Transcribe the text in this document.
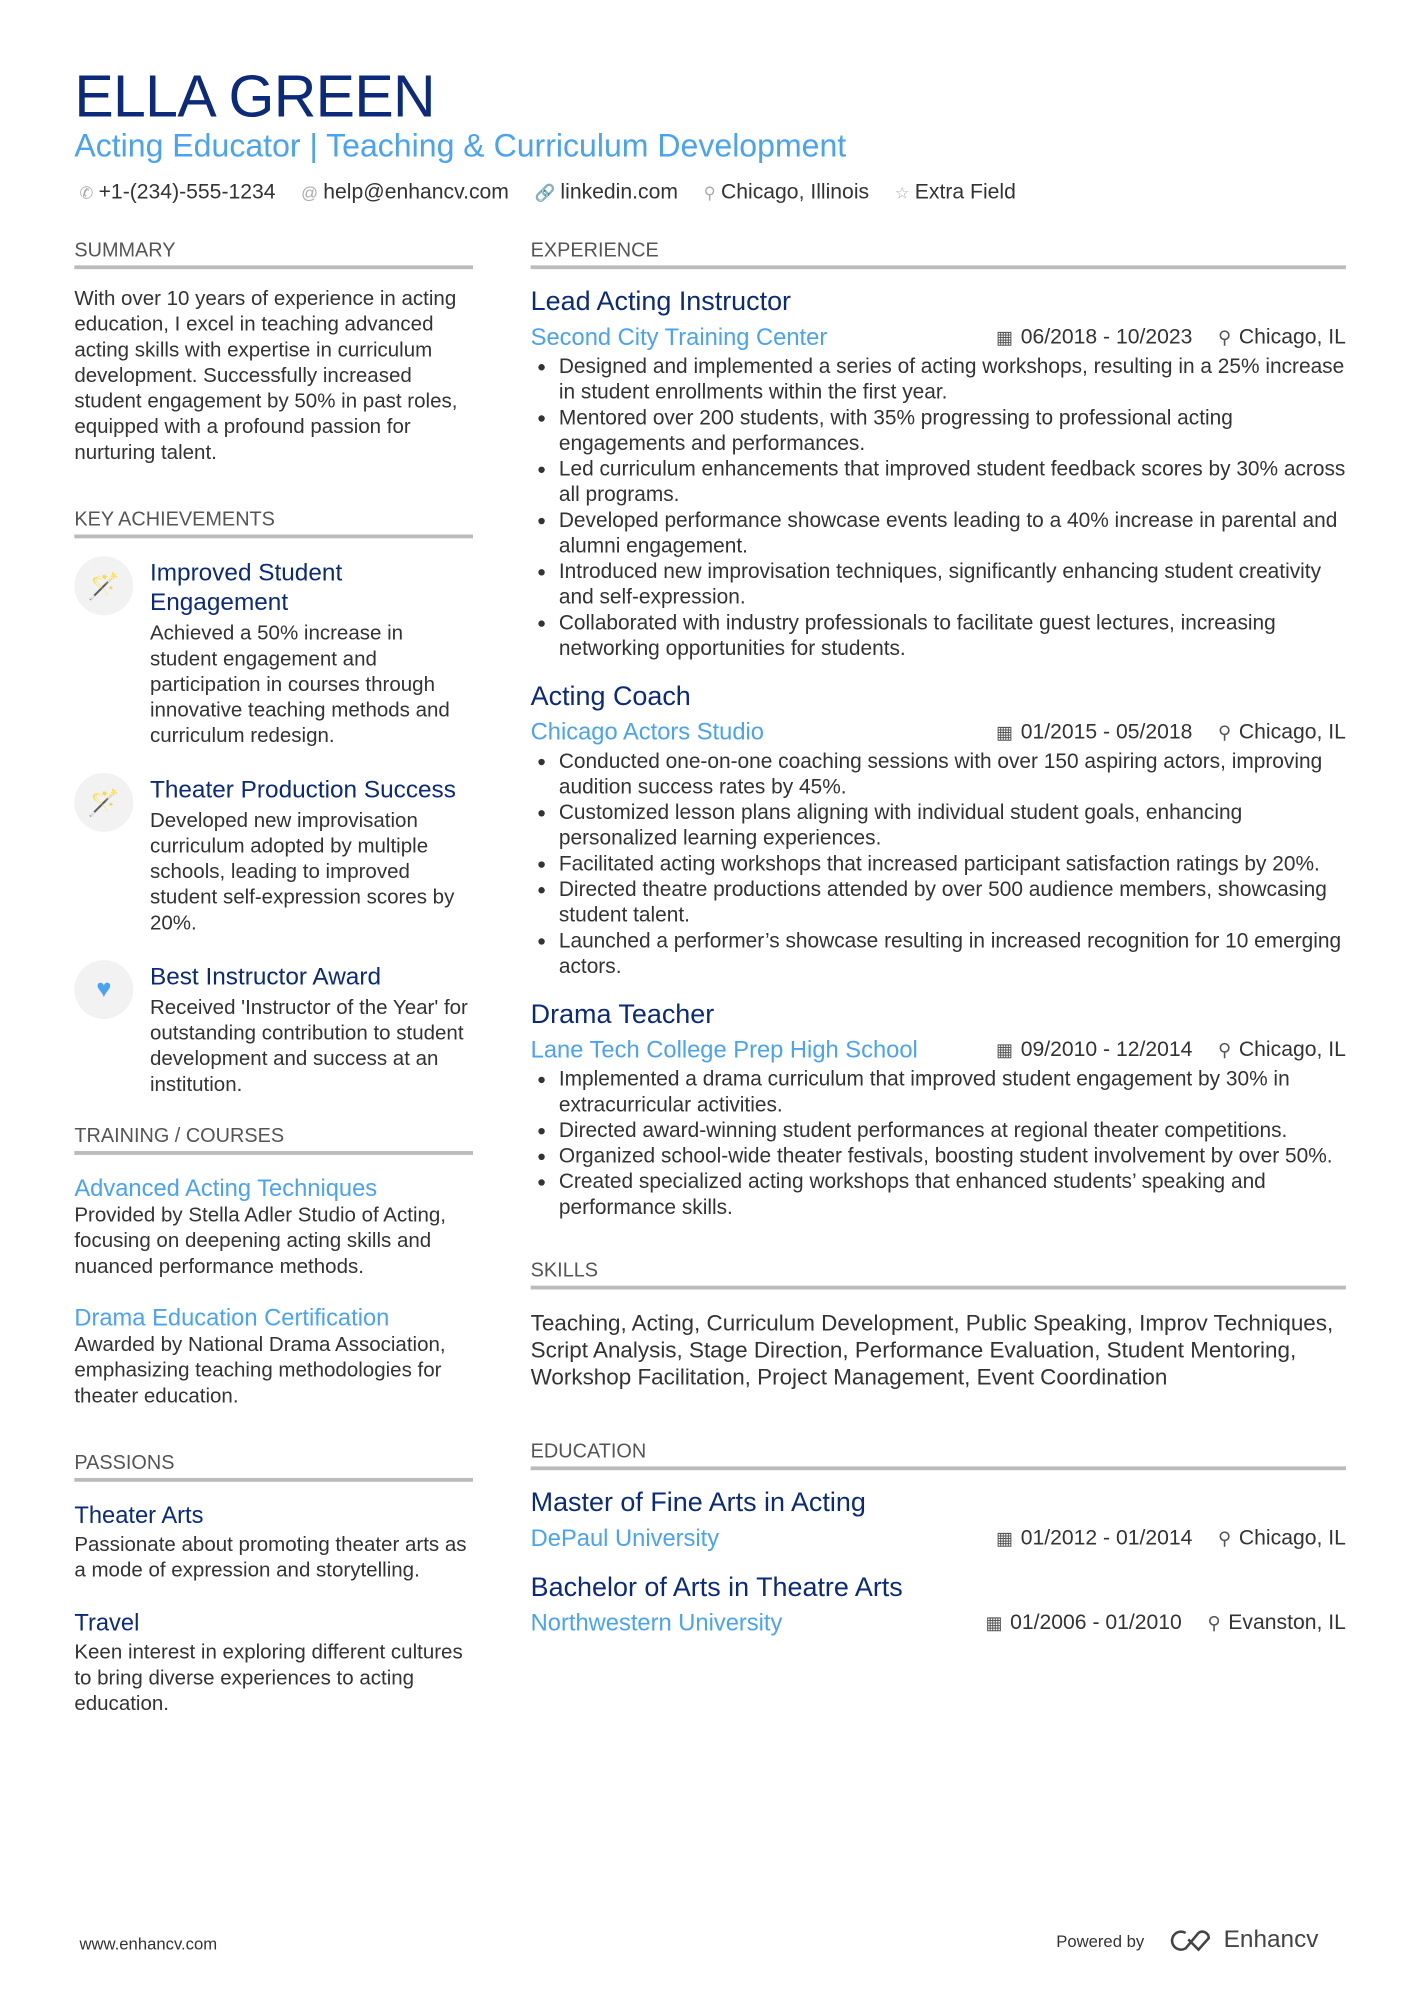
ELLA GREEN
Acting Educator | Teaching & Curriculum Development
✆ +1-(234)-555-1234 @ help@enhancv.com 🔗 linkedin.com ⚲ Chicago, Illinois ☆ Extra Field
SUMMARY
With over 10 years of experience in acting education, I excel in teaching advanced acting skills with expertise in curriculum development. Successfully increased student engagement by 50% in past roles, equipped with a profound passion for nurturing talent.
KEY ACHIEVEMENTS
🪄	Improved Student Engagement
Achieved a 50% increase in student engagement and participation in courses through innovative teaching methods and curriculum redesign.
🪄	Theater Production Success
Developed new improvisation curriculum adopted by multiple schools, leading to improved student self-expression scores by 20%.
♥	Best Instructor Award
Received 'Instructor of the Year' for outstanding contribution to student development and success at an institution.
TRAINING / COURSES
Advanced Acting Techniques
Provided by Stella Adler Studio of Acting, focusing on deepening acting skills and nuanced performance methods.
Drama Education Certification
Awarded by National Drama Association, emphasizing teaching methodologies for theater education.
PASSIONS
Theater Arts
Passionate about promoting theater arts as a mode of expression and storytelling.
Travel
Keen interest in exploring different cultures to bring diverse experiences to acting education.
EXPERIENCE
Lead Acting Instructor
Second City Training Center	▦ 06/2018 - 10/2023 ⚲ Chicago, IL
• Designed and implemented a series of acting workshops, resulting in a 25% increase in student enrollments within the first year.
• Mentored over 200 students, with 35% progressing to professional acting engagements and performances.
• Led curriculum enhancements that improved student feedback scores by 30% across all programs.
• Developed performance showcase events leading to a 40% increase in parental and alumni engagement.
• Introduced new improvisation techniques, significantly enhancing student creativity and self-expression.
• Collaborated with industry professionals to facilitate guest lectures, increasing networking opportunities for students.
Acting Coach
Chicago Actors Studio	▦ 01/2015 - 05/2018 ⚲ Chicago, IL
• Conducted one-on-one coaching sessions with over 150 aspiring actors, improving audition success rates by 45%.
• Customized lesson plans aligning with individual student goals, enhancing personalized learning experiences.
• Facilitated acting workshops that increased participant satisfaction ratings by 20%.
• Directed theatre productions attended by over 500 audience members, showcasing student talent.
• Launched a performer’s showcase resulting in increased recognition for 10 emerging actors.
Drama Teacher
Lane Tech College Prep High School	▦ 09/2010 - 12/2014 ⚲ Chicago, IL
• Implemented a drama curriculum that improved student engagement by 30% in extracurricular activities.
• Directed award-winning student performances at regional theater competitions.
• Organized school-wide theater festivals, boosting student involvement by over 50%.
• Created specialized acting workshops that enhanced students’ speaking and performance skills.
SKILLS
Teaching, Acting, Curriculum Development, Public Speaking, Improv Techniques, Script Analysis, Stage Direction, Performance Evaluation, Student Mentoring, Workshop Facilitation, Project Management, Event Coordination
EDUCATION
Master of Fine Arts in Acting
DePaul University	▦ 01/2012 - 01/2014 ⚲ Chicago, IL
Bachelor of Arts in Theatre Arts
Northwestern University	▦ 01/2006 - 01/2010 ⚲ Evanston, IL
www.enhancv.com	Powered by	Enhancv
